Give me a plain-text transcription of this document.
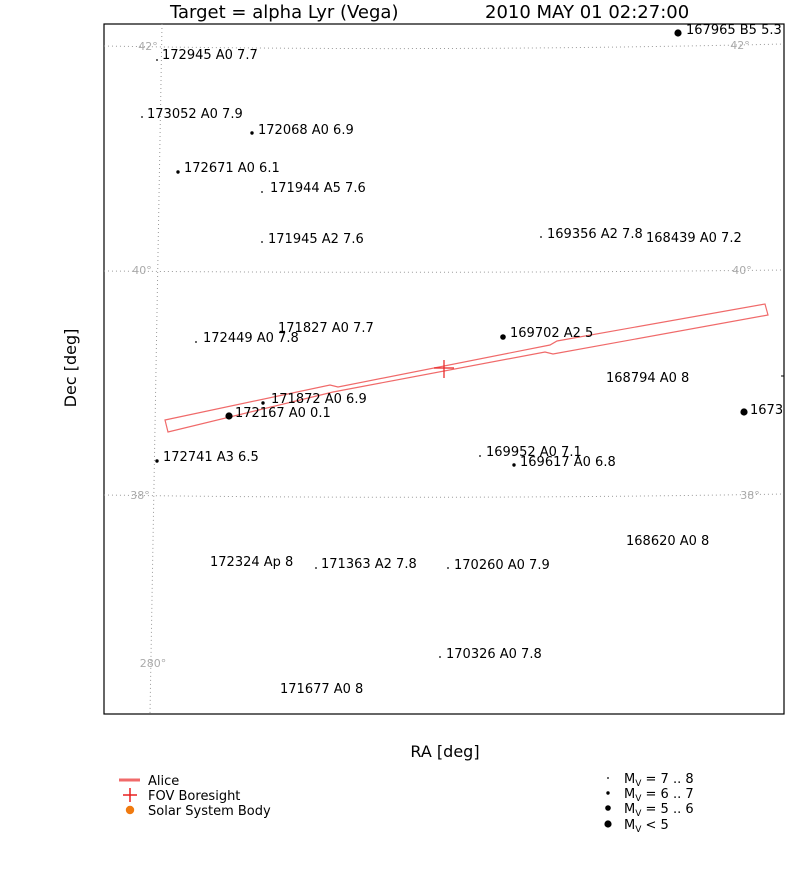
Target = alpha Lyr (Vega)	2010 MAY 01 02:27:00
42°	42°
40°	40°
38°	38°
280°
167965 B5 5.3
172945 A0 7.7
173052 A0 7.9
172068 A0 6.9
172671 A0 6.1
171944 A5 7.6
171945 A2 7.6	169356 A2 7.8 168439 A0 7.2
171827 A0 7.7
172449 A0 7.8	169702 A2 5
168794 A0 8
171872 A0 6.9
172167 A0 0.1	1673
172741 A3 6.5	169952 A0 7.1
169617 A0 6.8
168620 A0 8
172324 Ap 8 171363 A2 7.8	170260 A0 7.9
170326 A0 7.8
171677 A0 8
RA [deg]
Dec [deg]
Alice
FOV Boresight
Solar System Body
$M_V = 7$ .. 8
$M_V = 6$ .. 7
$M_V = 5$ .. 6
$M_V < 5$
